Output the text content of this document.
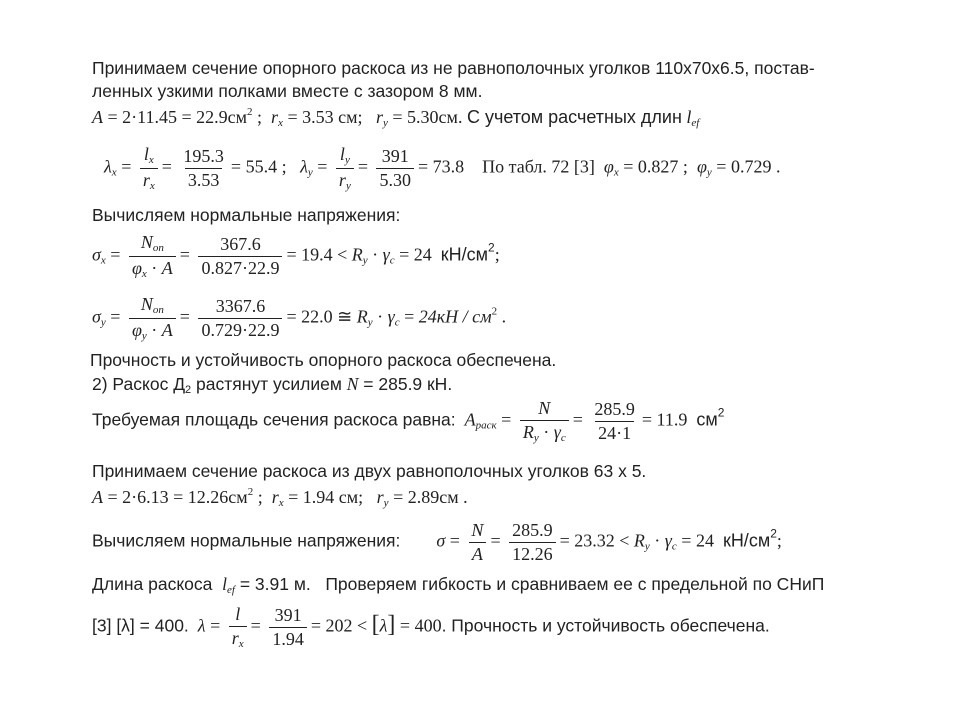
Принимаем сечение опорного раскоса из не равнополочных уголков 110х70х6.5, постав-
ленных узкими полками вместе с зазором 8 мм.
$A = 2\cdot 11.45 = 22.9см^2$ ;  $r_x = 3.53$ см; $r_y = 5.30см$. С учетом расчетных длин $l_{ef}$
$\lambda_x = \frac{l_x}{r_x} = \frac{195.3}{3.53} = 55.4$ ;   $\lambda_y = \frac{l_y}{r_y} = \frac{391}{5.30} = 73.8$ По табл. 72 [3] $\varphi_x = 0.827$ ;  $\varphi_y = 0.729$ .
Вычисляем нормальные напряжения:
$\sigma_x = \frac{N_{оп}}{\varphi_x \cdot A} = \frac{367.6}{0.827\cdot 22.9} = 19.4 < R_y \cdot \gamma_c = 24$ $кН/см^2$;
$\sigma_y = \frac{N_{оп}}{\varphi_y \cdot A} = \frac{3367.6}{0.729\cdot 22.9} = 22.0$ ≅ $R_y \cdot \gamma_c = 24кН / см^2$ .
Прочность и устойчивость опорного раскоса обеспечена.
2) Раскос $Д_2$ растянут усилием N = 285.9 кН.
Требуемая площадь сечения раскоса равна: $A_{раск} = \frac{N}{R_y \cdot \gamma_c} = \frac{285.9}{24\cdot 1} = 11.9$ $см^2$
Принимаем сечение раскоса из двух равнополочных уголков 63 х 5.
$A = 2\cdot 6.13 = 12.26см^2$ ;  $r_x = 1.94$ см; $r_y = 2.89см$ .
Вычисляем нормальные напряжения: $\sigma = \frac{N}{A} = \frac{285.9}{12.26} = 23.32 < R_y \cdot \gamma_c = 24$ $кН/см^2$;
Длина раскоса $l_{ef} = 3.91$ м. Проверяем гибкость и сравниваем ее с предельной по СНиП
[3] [λ] = 400. $\lambda = \frac{l}{r_x} = \frac{391}{1.94} = 202 < [\lambda] = 400$. Прочность и устойчивость обеспечена.
